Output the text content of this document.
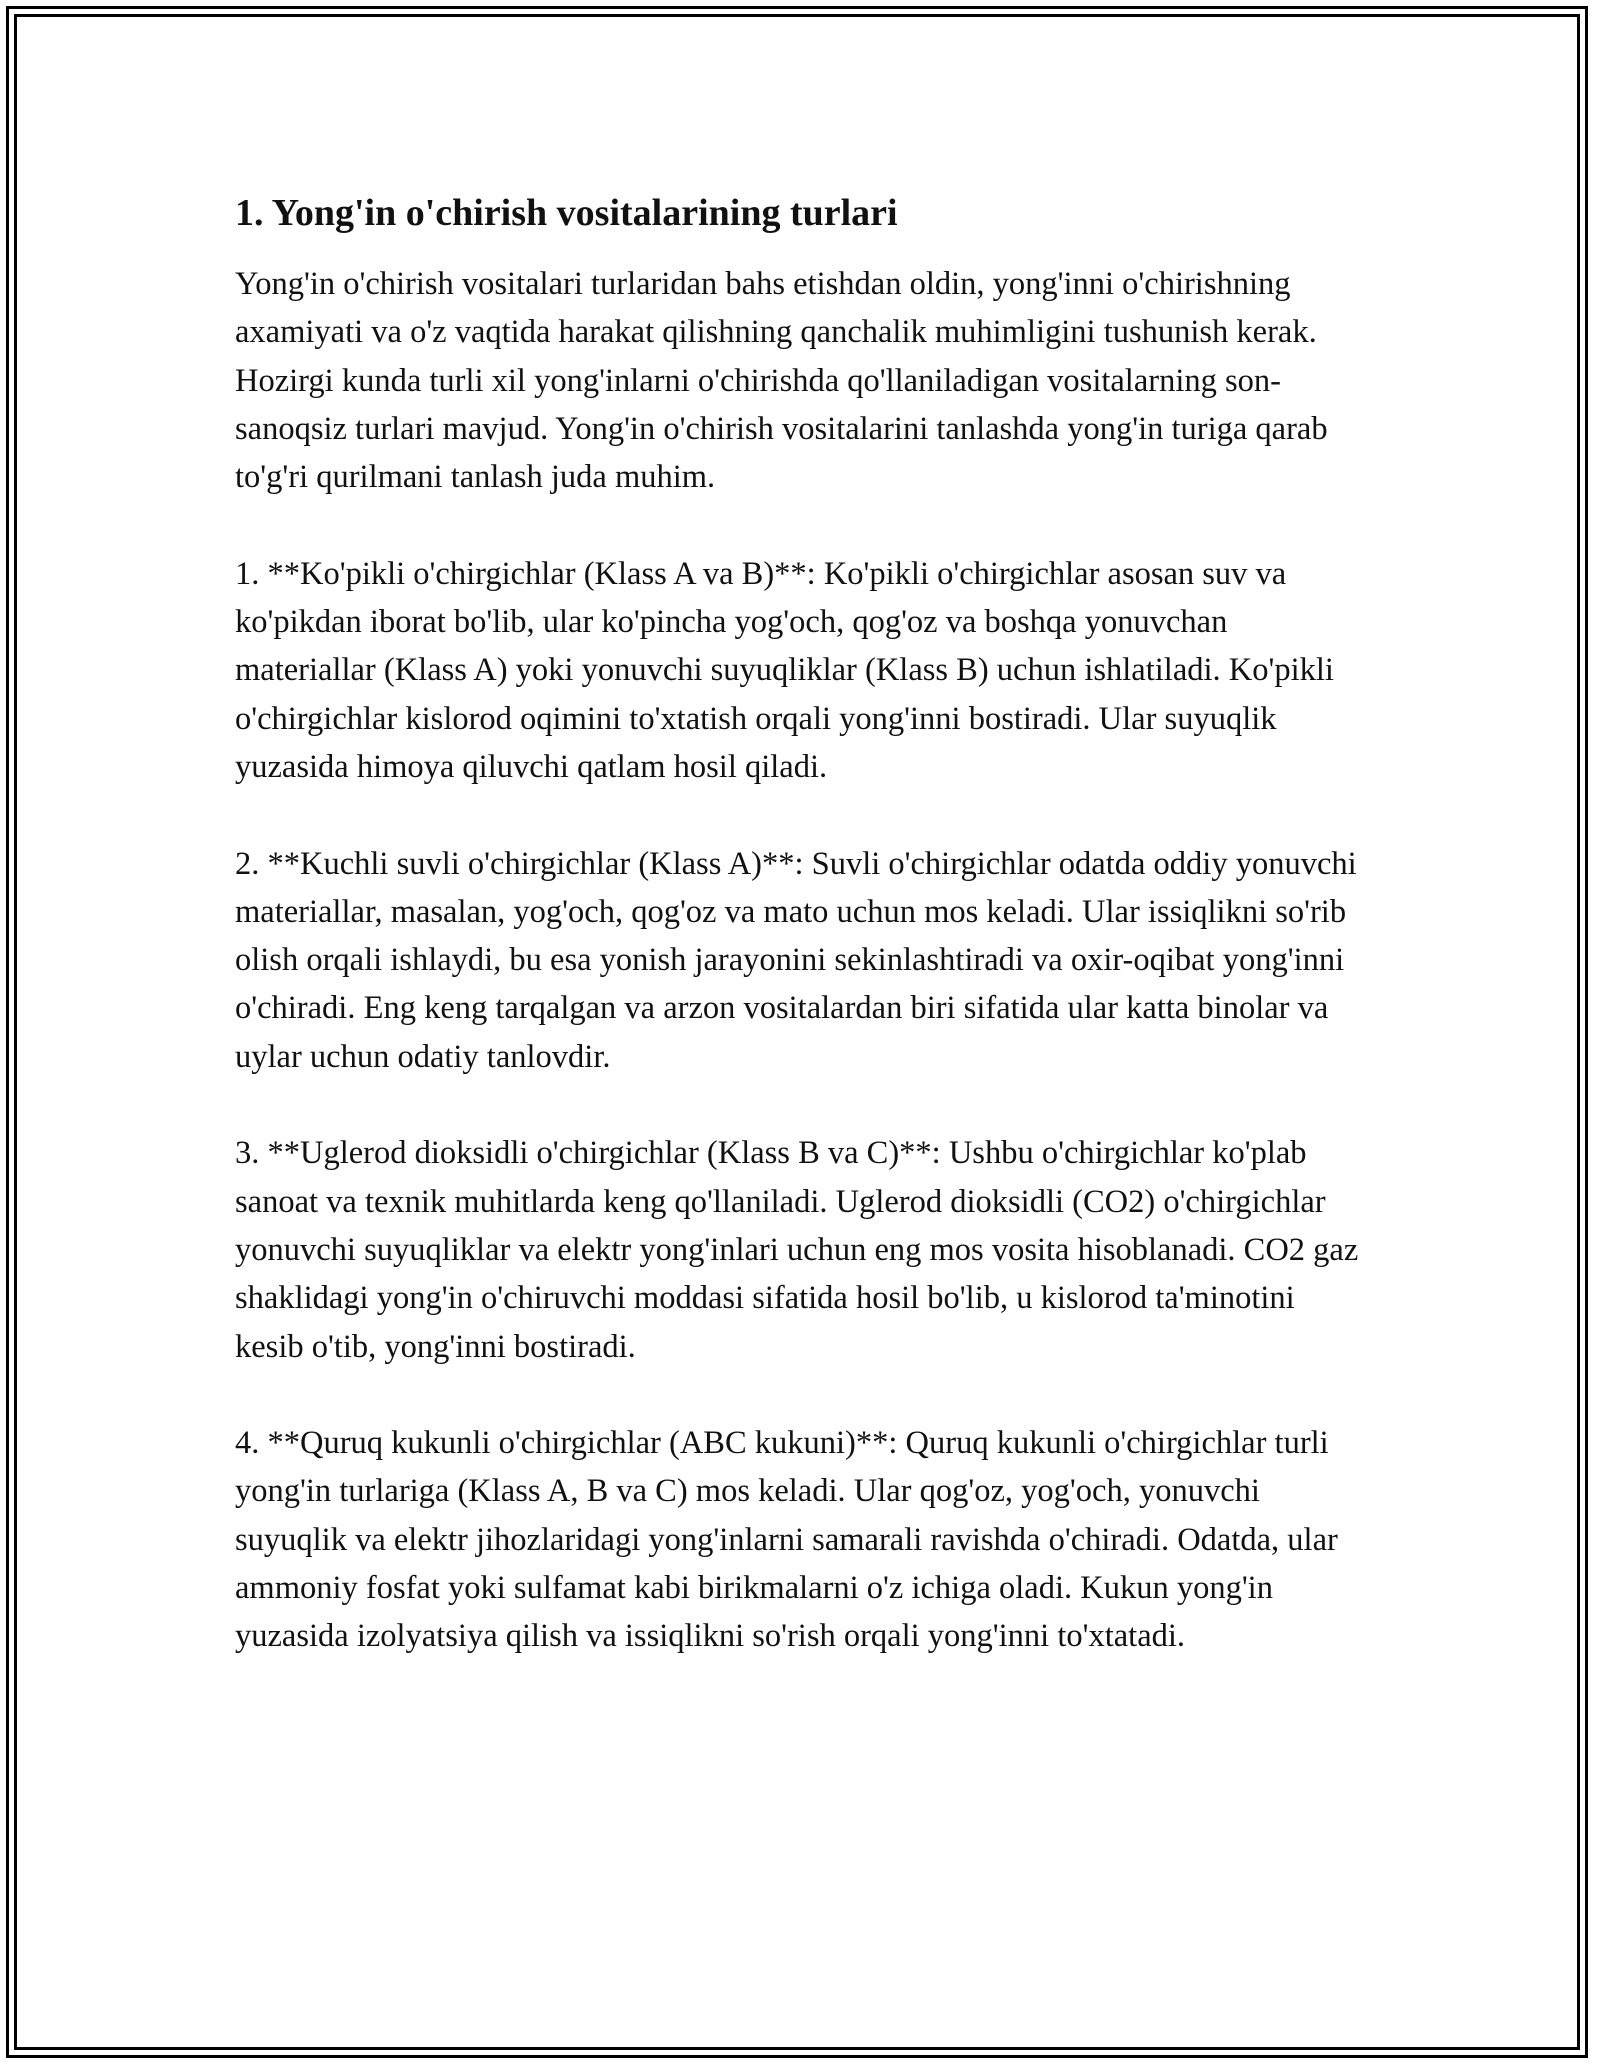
1. Yong'in o'chirish vositalarining turlari

Yong'in o'chirish vositalari turlaridan bahs etishdan oldin, yong'inni o'chirishning axamiyati va o'z vaqtida harakat qilishning qanchalik muhimligini tushunish kerak. Hozirgi kunda turli xil yong'inlarni o'chirishda qo'llaniladigan vositalarning son-sanoqsiz turlari mavjud. Yong'in o'chirish vositalarini tanlashda yong'in turiga qarab to'g'ri qurilmani tanlash juda muhim.

1. **Ko'pikli o'chirgichlar (Klass A va B)**: Ko'pikli o'chirgichlar asosan suv va ko'pikdan iborat bo'lib, ular ko'pincha yog'och, qog'oz va boshqa yonuvchan materiallar (Klass A) yoki yonuvchi suyuqliklar (Klass B) uchun ishlatiladi. Ko'pikli o'chirgichlar kislorod oqimini to'xtatish orqali yong'inni bostiradi. Ular suyuqlik yuzasida himoya qiluvchi qatlam hosil qiladi.

2. **Kuchli suvli o'chirgichlar (Klass A)**: Suvli o'chirgichlar odatda oddiy yonuvchi materiallar, masalan, yog'och, qog'oz va mato uchun mos keladi. Ular issiqlikni so'rib olish orqali ishlaydi, bu esa yonish jarayonini sekinlashtiradi va oxir-oqibat yong'inni o'chiradi. Eng keng tarqalgan va arzon vositalardan biri sifatida ular katta binolar va uylar uchun odatiy tanlovdir.

3. **Uglerod dioksidli o'chirgichlar (Klass B va C)**: Ushbu o'chirgichlar ko'plab sanoat va texnik muhitlarda keng qo'llaniladi. Uglerod dioksidli (CO2) o'chirgichlar yonuvchi suyuqliklar va elektr yong'inlari uchun eng mos vosita hisoblanadi. CO2 gaz shaklidagi yong'in o'chiruvchi moddasi sifatida hosil bo'lib, u kislorod ta'minotini kesib o'tib, yong'inni bostiradi.

4. **Quruq kukunli o'chirgichlar (ABC kukuni)**: Quruq kukunli o'chirgichlar turli yong'in turlariga (Klass A, B va C) mos keladi. Ular qog'oz, yog'och, yonuvchi suyuqlik va elektr jihozlaridagi yong'inlarni samarali ravishda o'chiradi. Odatda, ular ammoniy fosfat yoki sulfamat kabi birikmalarni o'z ichiga oladi. Kukun yong'in yuzasida izolyatsiya qilish va issiqlikni so'rish orqali yong'inni to'xtatadi.
